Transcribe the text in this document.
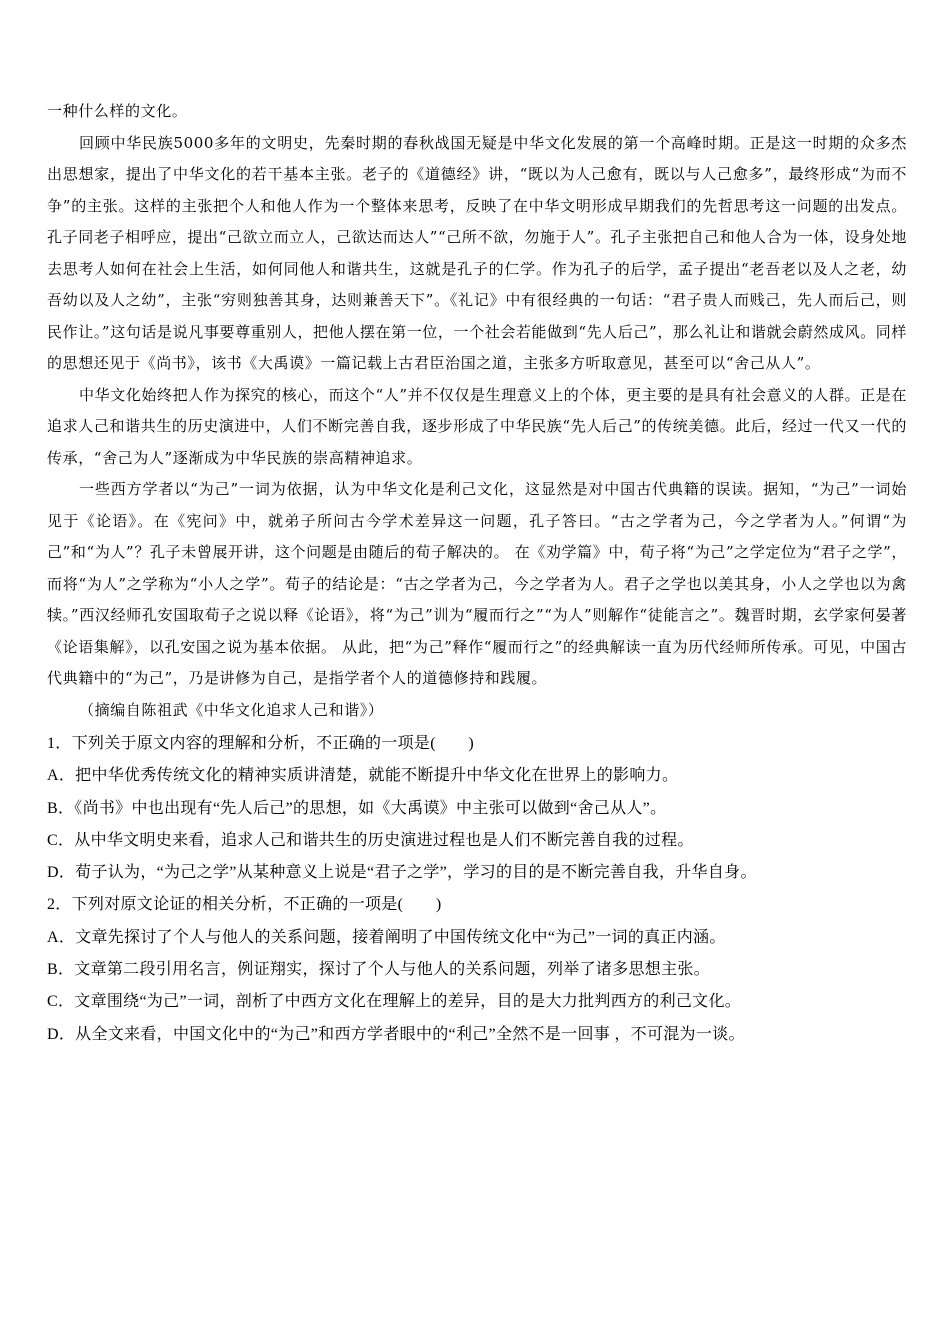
一种什么样的文化。

回顾中华民族5000多年的文明史，先秦时期的春秋战国无疑是中华文化发展的第一个高峰时期。正是这一时期的众多杰出思想家，提出了中华文化的若干基本主张。老子的《道德经》讲，“既以为人己愈有，既以与人己愈多”，最终形成“为而不争”的主张。这样的主张把个人和他人作为一个整体来思考，反映了在中华文明形成早期我们的先哲思考这一问题的出发点。孔子同老子相呼应，提出“己欲立而立人，己欲达而达人”“己所不欲，勿施于人”。孔子主张把自己和他人合为一体，设身处地去思考人如何在社会上生活，如何同他人和谐共生，这就是孔子的仁学。作为孔子的后学，孟子提出“老吾老以及人之老，幼吾幼以及人之幼”，主张“穷则独善其身，达则兼善天下”。《礼记》中有很经典的一句话：“君子贵人而贱己，先人而后己，则民作让。”这句话是说凡事要尊重别人，把他人摆在第一位，一个社会若能做到“先人后己”，那么礼让和谐就会蔚然成风。同样的思想还见于《尚书》，该书《大禹谟》一篇记载上古君臣治国之道，主张多方听取意见，甚至可以“舍己从人”。

中华文化始终把人作为探究的核心，而这个“人”并不仅仅是生理意义上的个体，更主要的是具有社会意义的人群。正是在追求人己和谐共生的历史演进中，人们不断完善自我，逐步形成了中华民族“先人后己”的传统美德。此后，经过一代又一代的传承，“舍己为人”逐渐成为中华民族的崇高精神追求。

一些西方学者以“为己”一词为依据，认为中华文化是利己文化，这显然是对中国古代典籍的误读。据知，“为己”一词始见于《论语》。在《宪问》中，就弟子所问古今学术差异这一问题，孔子答曰。“古之学者为己，今之学者为人。”何谓“为己”和“为人”？孔子未曾展开讲，这个问题是由随后的荀子解决的。 在《劝学篇》中，荀子将“为己”之学定位为“君子之学”，而将“为人”之学称为“小人之学”。荀子的结论是：“古之学者为己，今之学者为人。君子之学也以美其身，小人之学也以为禽犊。”西汉经师孔安国取荀子之说以释《论语》，将“为己”训为“履而行之”“为人”则解作“徒能言之”。魏晋时期，玄学家何晏著《论语集解》，以孔安国之说为基本依据。 从此，把“为己”释作“履而行之”的经典解读一直为历代经师所传承。可见，中国古代典籍中的“为己”，乃是讲修为自己，是指学者个人的道德修持和践履。

（摘编自陈祖武《中华文化追求人己和谐》）

1．下列关于原文内容的理解和分析，不正确的一项是(　　)

A．把中华优秀传统文化的精神实质讲清楚，就能不断提升中华文化在世界上的影响力。

B．《尚书》中也出现有“先人后己”的思想，如《大禹谟》中主张可以做到“舍己从人”。

C．从中华文明史来看，追求人己和谐共生的历史演进过程也是人们不断完善自我的过程。

D．荀子认为，“为己之学”从某种意义上说是“君子之学”，学习的目的是不断完善自我，升华自身。

2．下列对原文论证的相关分析，不正确的一项是(　　)

A．文章先探讨了个人与他人的关系问题，接着阐明了中国传统文化中“为己”一词的真正内涵。

B．文章第二段引用名言，例证翔实，探讨了个人与他人的关系问题，列举了诸多思想主张。

C．文章围绕“为己”一词，剖析了中西方文化在理解上的差异，目的是大力批判西方的利己文化。

D．从全文来看，中国文化中的“为己”和西方学者眼中的“利己”全然不是一回事 ，不可混为一谈。
